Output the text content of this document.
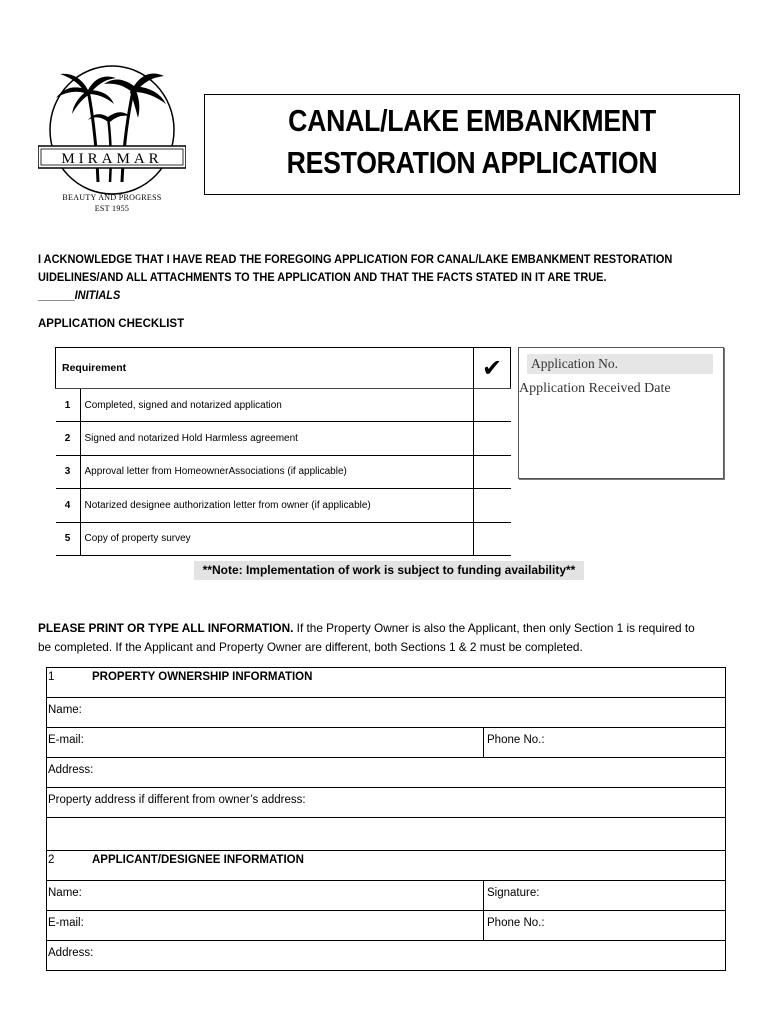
MIRAMAR
BEAUTY AND PROGRESS
EST 1955
CANAL/LAKE EMBANKMENT
RESTORATION APPLICATION
I ACKNOWLEDGE THAT I HAVE READ THE FOREGOING APPLICATION FOR CANAL/LAKE EMBANKMENT RESTORATION
UIDELINES/AND ALL ATTACHMENTS TO THE APPLICATION AND THAT THE FACTS STATED IN IT ARE TRUE.
______INITIALS
APPLICATION CHECKLIST
Requirement		✔
1	Completed, signed and notarized application	
2	Signed and notarized Hold Harmless agreement	
3	Approval letter from HomeownerAssociations (if applicable)	
4	Notarized designee authorization letter from owner (if applicable)	
5	Copy of property survey	
Application No.
Application Received Date
**Note: Implementation of work is subject to funding availability**
PLEASE PRINT OR TYPE ALL INFORMATION. If the Property Owner is also the Applicant, then only Section 1 is required to
be completed. If the Applicant and Property Owner are different, both Sections 1 & 2 must be completed.
1	PROPERTY OWNERSHIP INFORMATION
Name:
E-mail:	Phone No.:
Address:
Property address if different from owner’s address:
2	APPLICANT/DESIGNEE INFORMATION
Name:	Signature:
E-mail:	Phone No.:
Address:
